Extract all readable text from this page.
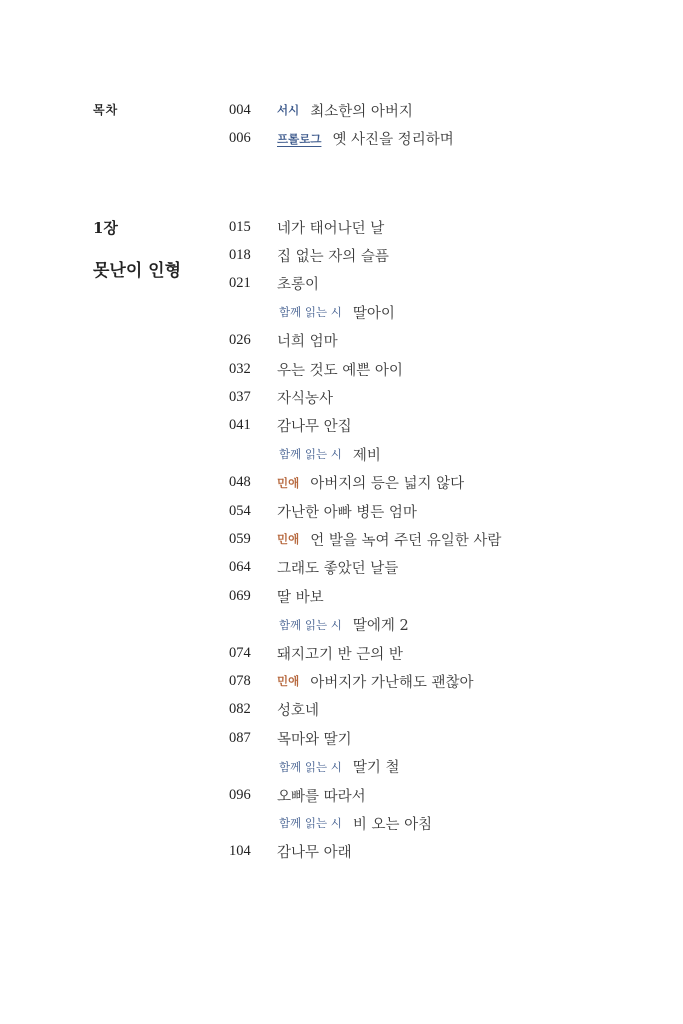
목차	004	서시 최소한의 아버지
006	프롤로그 옛 사진을 정리하며
1장
못난이 인형
015	네가 태어나던 날
018	집 없는 자의 슬픔
021	초롱이
함께 읽는 시 딸아이
026	너희 엄마
032	우는 것도 예쁜 아이
037	자식농사
041	감나무 안집
함께 읽는 시 제비
048	민애 아버지의 등은 넓지 않다
054	가난한 아빠 병든 엄마
059	민애 언 발을 녹여 주던 유일한 사람
064	그래도 좋았던 날들
069	딸 바보
함께 읽는 시 딸에게 2
074	돼지고기 반 근의 반
078	민애 아버지가 가난해도 괜찮아
082	성호네
087	목마와 딸기
함께 읽는 시 딸기 철
096	오빠를 따라서
함께 읽는 시 비 오는 아침
104	감나무 아래
